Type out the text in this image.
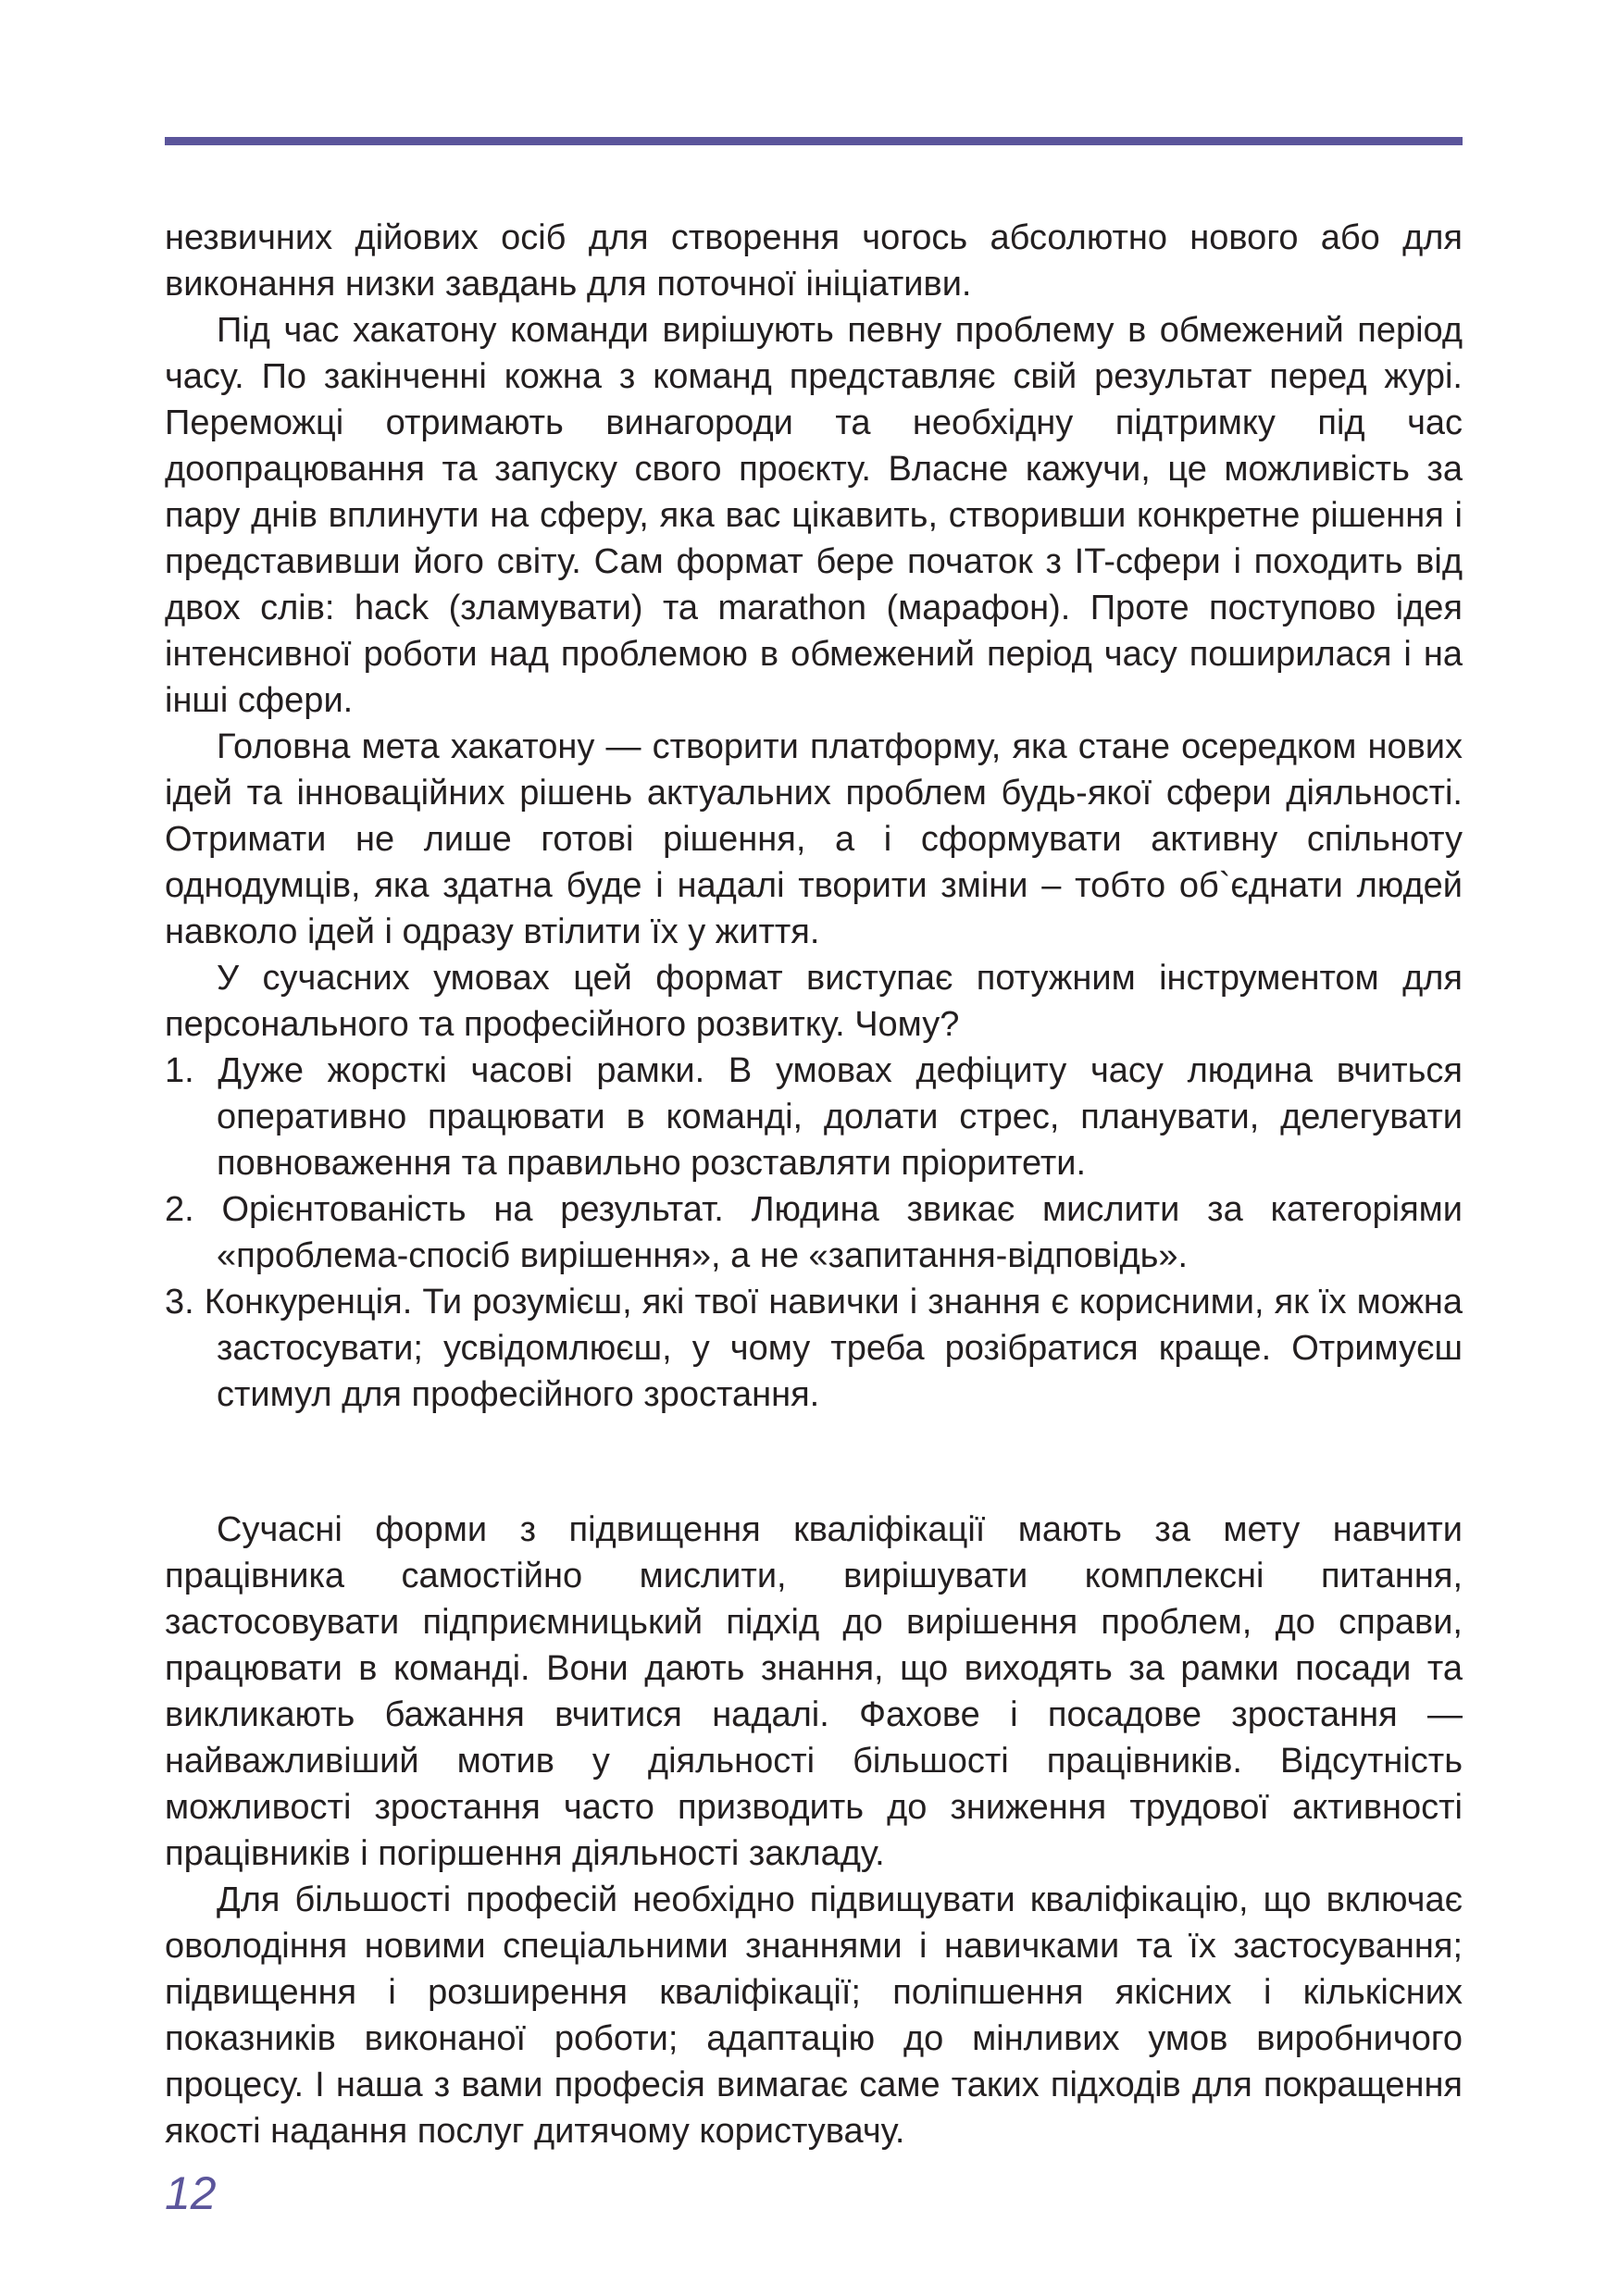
незвичних дійових осіб для створення чогось абсолютно нового або для виконання низки завдань для поточної ініціативи.

Під час хакатону команди вирішують певну проблему в обмежений період часу. По закінченні кожна з команд представляє свій результат перед журі. Переможці отримають винагороди та необхідну підтримку під час доопрацювання та запуску свого проєкту. Власне кажучи, це можливість за пару днів вплинути на сферу, яка вас цікавить, створивши конкретне рішення і представивши його світу. Сам формат бере початок з IT-сфери і походить від двох слів: hack (зламувати) та marathon (марафон). Проте поступово ідея інтенсивної роботи над проблемою в обмежений період часу поширилася і на інші сфери.

Головна мета хакатону — створити платформу, яка стане осередком нових ідей та інноваційних рішень актуальних проблем будь-якої сфери діяльності. Отримати не лише готові рішення, а і сформувати активну спільноту однодумців, яка здатна буде і надалі творити зміни – тобто об`єднати людей навколо ідей і одразу втілити їх у життя.

У сучасних умовах цей формат виступає потужним інструментом для персонального та професійного розвитку. Чому?

1. Дуже жорсткі часові рамки. В умовах дефіциту часу людина вчиться оперативно працювати в команді, долати стрес, планувати, делегувати повноваження та правильно розставляти пріоритети.
2. Орієнтованість на результат. Людина звикає мислити за категоріями «проблема-спосіб вирішення», а не «запитання-відповідь».
3. Конкуренція. Ти розумієш, які твої навички і знання є корисними, як їх можна застосувати; усвідомлюєш, у чому треба розібратися краще. Отримуєш стимул для професійного зростання.

Сучасні форми з підвищення кваліфікації мають за мету навчити працівника самостійно мислити, вирішувати комплексні питання, застосовувати підприємницький підхід до вирішення проблем, до справи, працювати в команді. Вони дають знання, що виходять за рамки посади та викликають бажання вчитися надалі. Фахове і посадове зростання — найважливіший мотив у діяльності більшості працівників. Відсутність можливості зростання часто призводить до зниження трудової активності працівників і погіршення діяльності закладу.

Для більшості професій необхідно підвищувати кваліфікацію, що включає оволодіння новими спеціальними знаннями і навичками та їх застосування; підвищення і розширення кваліфікації; поліпшення якісних і кількісних показників виконаної роботи; адаптацію до мінливих умов виробничого процесу. І наша з вами професія вимагає саме таких підходів для покращення якості надання послуг дитячому користувачу.

12
